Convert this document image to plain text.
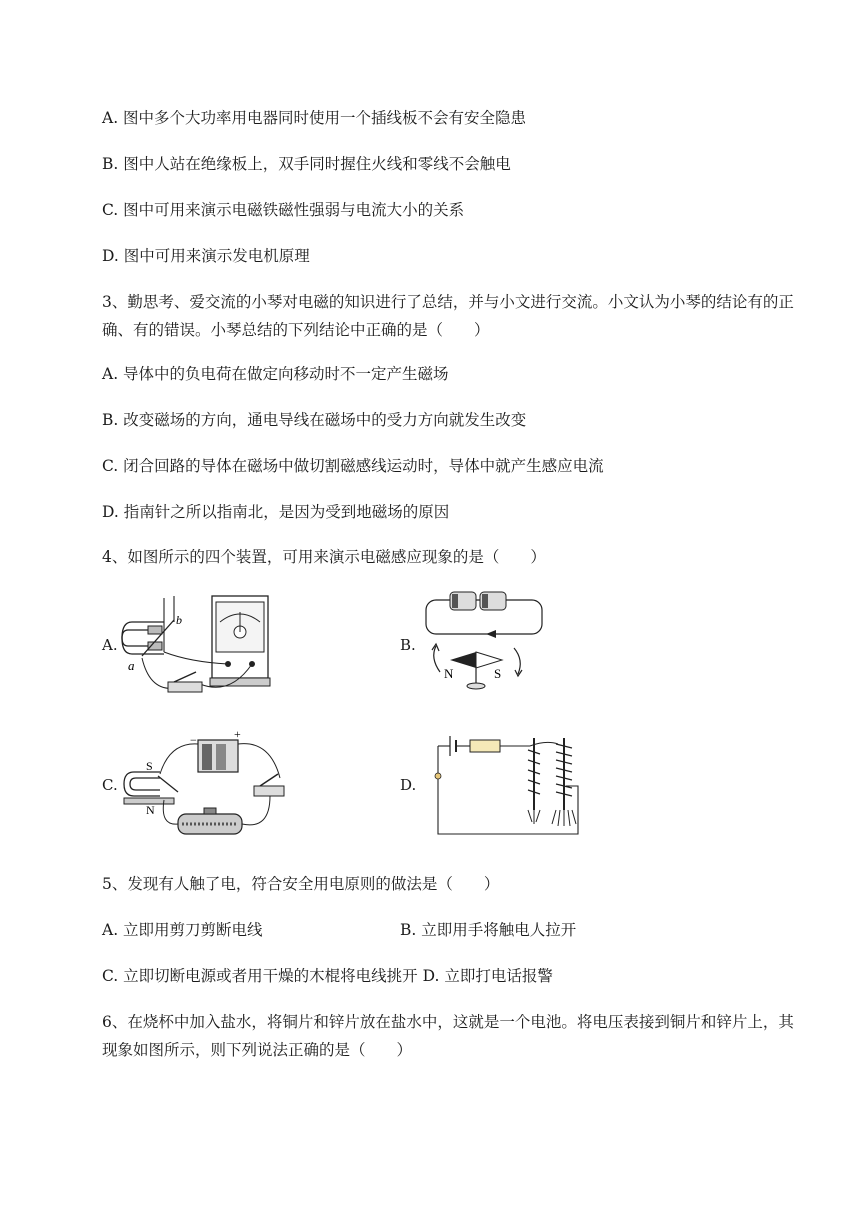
A. 图中多个大功率用电器同时使用一个插线板不会有安全隐患
B. 图中人站在绝缘板上，双手同时握住火线和零线不会触电
C. 图中可用来演示电磁铁磁性强弱与电流大小的关系
D. 图中可用来演示发电机原理
3、勤思考、爱交流的小琴对电磁的知识进行了总结，并与小文进行交流。小文认为小琴的结论有的正
确、有的错误。小琴总结的下列结论中正确的是（　　）
A. 导体中的负电荷在做定向移动时不一定产生磁场
B. 改变磁场的方向，通电导线在磁场中的受力方向就发生改变
C. 闭合回路的导体在磁场中做切割磁感线运动时，导体中就产生感应电流
D. 指南针之所以指南北，是因为受到地磁场的原因
4、如图所示的四个装置，可用来演示电磁感应现象的是（　　）
A.
b
a
B.
N	S
C.
S
N
−	+
D.
5、发现有人触了电，符合安全用电原则的做法是（　　）
A. 立即用剪刀剪断电线	B. 立即用手将触电人拉开
C. 立即切断电源或者用干燥的木棍将电线挑开 D. 立即打电话报警
6、在烧杯中加入盐水，将铜片和锌片放在盐水中，这就是一个电池。将电压表接到铜片和锌片上，其
现象如图所示，则下列说法正确的是（　　）
